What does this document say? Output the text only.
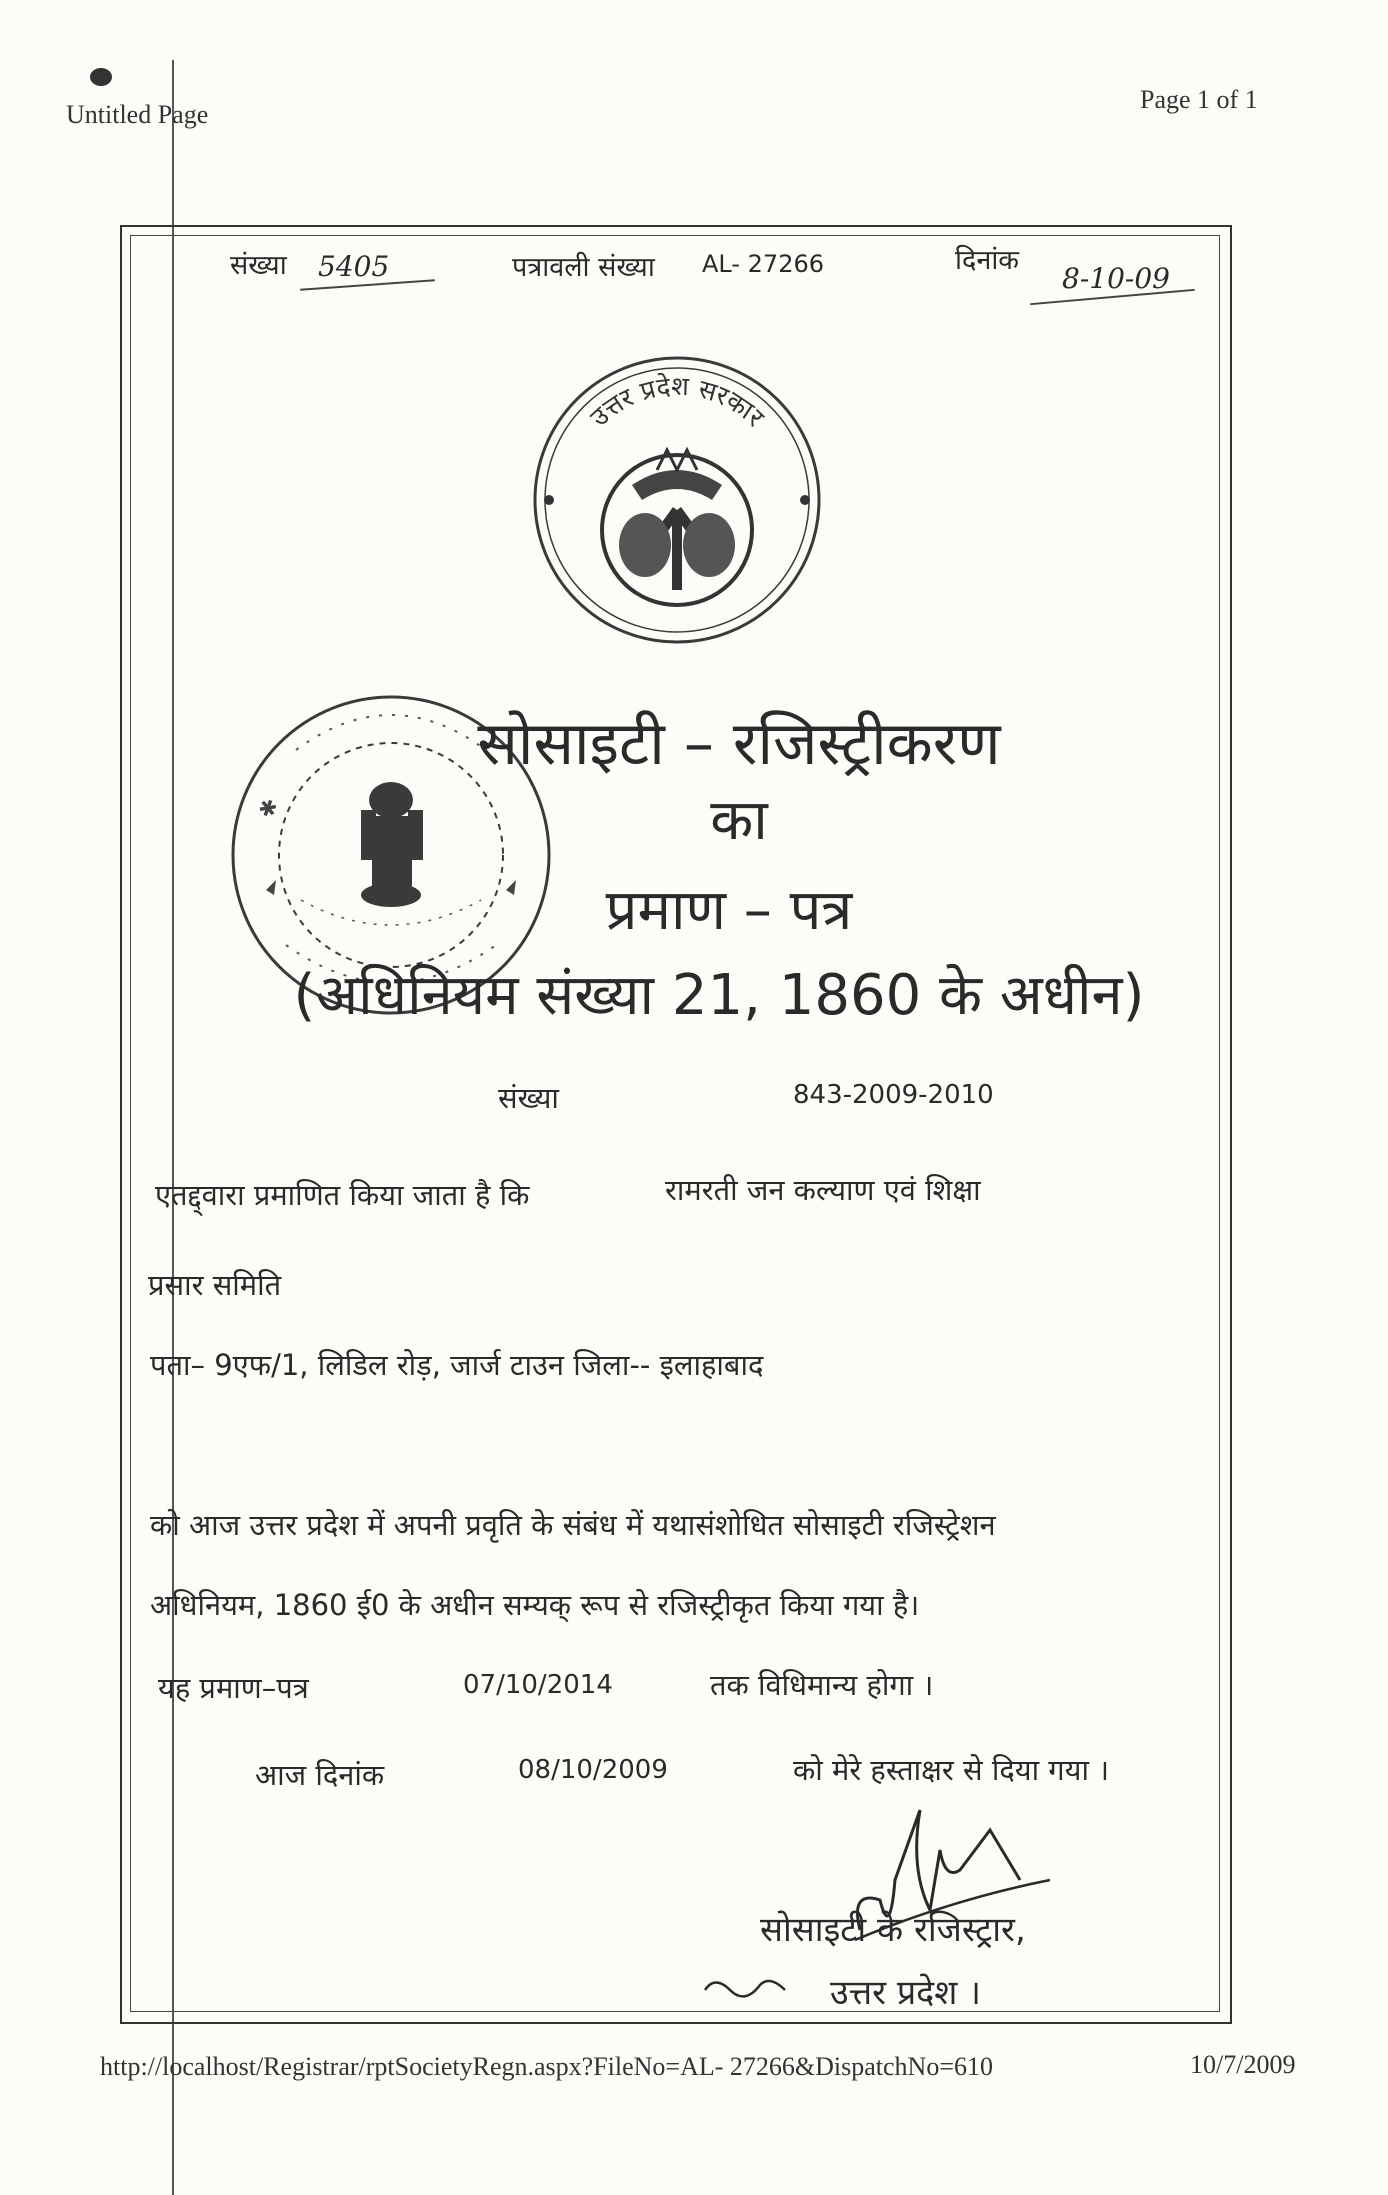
Untitled Page
Page 1 of 1
संख्या 5405	पत्रावली संख्या AL- 27266	दिनांक
8-10-09
उत्तर प्रदेश सरकार
✱
सोसाइटी – रजिस्ट्रीकरण
का
प्रमाण – पत्र
(अधिनियम संख्या 21, 1860 के अधीन)
संख्या	843-2009-2010
एतद्द्वारा प्रमाणित किया जाता है कि	रामरती जन कल्याण एवं शिक्षा
प्रसार समिति
पता– 9एफ/1, लिडिल रोड़, जार्ज टाउन जिला-- इलाहाबाद
को आज उत्तर प्रदेश में अपनी प्रवृति के संबंध में यथासंशोधित सोसाइटी रजिस्ट्रेशन
अधिनियम, 1860 ई0 के अधीन सम्यक् रूप से रजिस्ट्रीकृत किया गया है।
यह प्रमाण–पत्र	07/10/2014	तक विधिमान्य होगा ।
आज दिनांक	08/10/2009	को मेरे हस्ताक्षर से दिया गया ।
सोसाइटी के रजिस्ट्रार,
उत्तर प्रदेश ।
http://localhost/Registrar/rptSocietyRegn.aspx?FileNo=AL- 27266&DispatchNo=610	10/7/2009
